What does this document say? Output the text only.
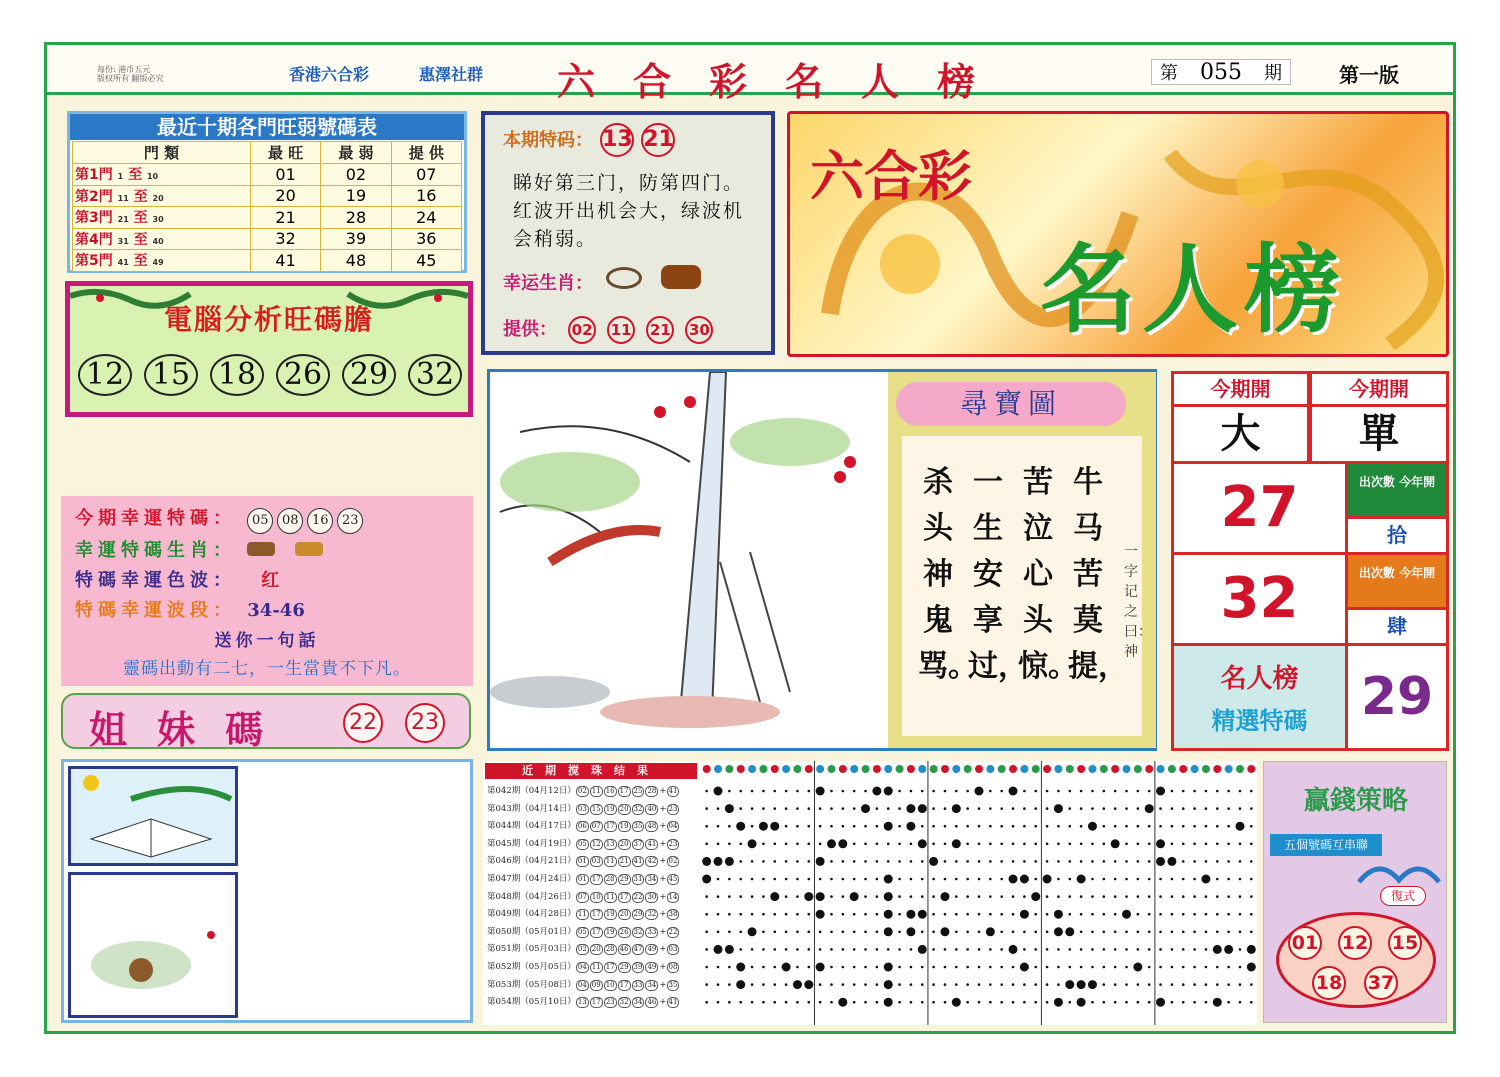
每份: 港币五元
版权所有 翻版必究	香港六合彩	惠澤社群 六合彩名人榜	第 055 期	第一版
最近十期各門旺弱號碼表
門 類	最 旺	最 弱	提 供
第1門 1 至 10	01	02	07
第2門 11 至 20	20	19	16
第3門 21 至 30	21	28	24
第4門 31 至 40	32	39	36
第5門 41 至 49	41	48	45
電腦分析旺碼膽
12 15 18 26 29 32
本期特码： 13 21
睇好第三门，防第四门。红波开出机会大，绿波机会稍弱。
幸运生肖：
提供： 02 11 21 30
六合彩
名人榜
尋寶圖
牛马苦莫提，
苦泣心头惊。
一生安享过，
杀头神鬼骂。
一字记之曰：神
今期開	今期開
大	單
27	出次數 今年開
拾
32	出次數 今年開
肆
名人榜
精選特碼	29
今期幸運特碼： 05 08 16 23
幸運特碼生肖：
特碼幸運色波： 红
特碼幸運波段： 34-46
送你一句話
靈碼出動有二七，一生當貴不下凡。
姐妹碼	22 23
近期搅珠结果
第042期（04月12日） 02 11 16 17 25 28 + 41
第043期（04月14日） 03 15 19 20 32 40 + 23
第044期（04月17日） 06 07 17 19 35 48 + 04
第045期（04月19日） 05 12 13 20 37 41 + 23
第046期（04月21日） 01 03 11 21 41 42 + 02
第047期（04月24日） 01 17 28 29 31 34 + 45
第048期（04月26日） 07 10 11 17 22 30 + 14
第049期（04月28日） 11 17 19 20 29 32 + 38
第050期（05月01日） 05 17 19 26 32 33 + 22
第051期（05月03日） 02 20 28 46 47 49 + 03
第052期（05月05日） 04 11 17 29 39 49 + 08
第053期（05月08日） 04 09 10 17 33 34 + 35
第054期（05月10日） 13 17 23 32 34 46 + 41
贏錢策略
五個號碼互串聯
復式
01 12 15
18 37
